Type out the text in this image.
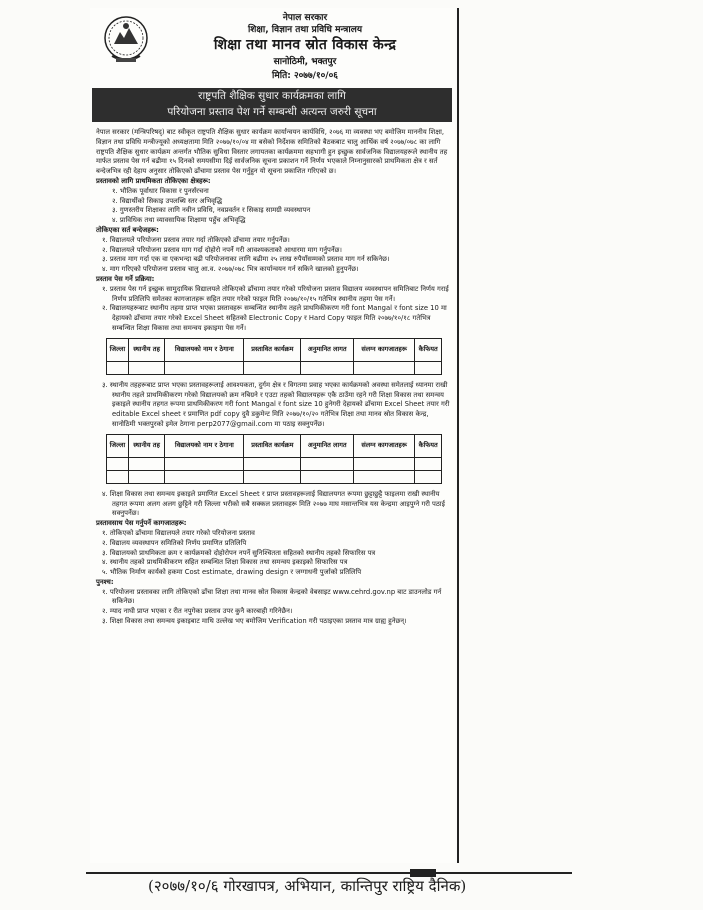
नेपाल सरकार
शिक्षा, विज्ञान तथा प्रविधि मन्त्रालय
शिक्षा तथा मानव स्रोत विकास केन्द्र
सानोठिमी, भक्तपुर
मिति: २०७७/१०/०६
राष्ट्रपति शैक्षिक सुधार कार्यक्रमका लागि
परियोजना प्रस्ताव पेश गर्ने सम्बन्धी अत्यन्त जरुरी सूचना

नेपाल सरकार (मन्त्रिपरिषद्) बाट स्वीकृत राष्ट्रपति शैक्षिक सुधार कार्यक्रम कार्यान्वयन कार्यविधि, २०७६ मा व्यवस्था भए बमोजिम माननीय शिक्षा, विज्ञान तथा प्रविधि मन्त्रीज्यूको अध्यक्षतामा मिति २०७७/१०/०४ मा बसेको निर्देशक समितिको बैठकबाट चालु आर्थिक वर्ष २०७७/०७८ का लागि राष्ट्रपति शैक्षिक सुधार कार्यक्रम अन्तर्गत भौतिक सुविधा विस्तार लगायतका कार्यक्रममा सहभागी हुन इच्छुक सार्वजनिक विद्यालयहरूले स्थानीय तह मार्फत प्रस्ताव पेस गर्न बढीमा १५ दिनको समयसीमा दिई सार्वजनिक सूचना प्रकाशन गर्ने निर्णय भएकाले निम्नानुसारको प्राथमिकता क्षेत्र र सर्त बन्देजभित्र रही देहाय अनुसार तोकिएको ढाँचामा प्रस्ताव पेस गर्नुहुन यो सूचना प्रकाशित गरिएको छ।

प्रस्तावको लागि प्राथमिकता तोकिएका क्षेत्रहरू:

१. भौतिक पूर्वाधार विकास र पुनर्संरचना

२. विद्यार्थीको सिकाइ उपलब्धि स्तर अभिवृद्धि

३. गुणस्तरीय शिक्षाका लागि नवीन प्रविधि, नवप्रवर्तन र सिकाइ सामग्री व्यवस्थापन

४. प्राविधिक तथा व्यावसायिक शिक्षामा पहुँच अभिवृद्धि

तोकिएका सर्त बन्देजहरू:

१. विद्यालयले परियोजना प्रस्ताव तयार गर्दा तोकिएको ढाँचामा तयार गर्नुपर्नेछ।

२. विद्यालयले परियोजना प्रस्ताव माग गर्दा दोहोरो नपर्ने गरी आवश्यकताको आधारमा माग गर्नुपर्नेछ।

३. प्रस्ताव माग गर्दा एक वा एकभन्दा बढी परियोजनाका लागि बढीमा २५ लाख रुपैयाँसम्मको प्रस्ताव माग गर्न सकिनेछ।

४. माग गरिएको परियोजना प्रस्ताव चालु आ.व. २०७७/०७८ भित्र कार्यान्वयन गर्न सकिने खालको हुनुपर्नेछ।

प्रस्ताव पेस गर्ने प्रक्रिया:

१. प्रस्ताव पेस गर्न इच्छुक सामुदायिक विद्यालयले तोकिएको ढाँचामा तयार गरेको परियोजना प्रस्ताव विद्यालय व्यवस्थापन समितिबाट निर्णय गराई निर्णय प्रतिलिपि समेतका कागजातहरू सहित तयार गरेको फाइल मिति २०७७/१०/१५ गतेभित्र स्थानीय तहमा पेस गर्ने।

२. विद्यालयहरूबाट स्थानीय तहमा प्राप्त भएका प्रस्तावहरू सम्बन्धित स्थानीय तहले प्राथमिकीकरण गरी font Mangal र font size 10 मा देहायको ढाँचामा तयार गरेको Excel Sheet सहितको Electronic Copy र Hard Copy फाइल मिति २०७७/१०/१८ गतेभित्र सम्बन्धित शिक्षा विकास तथा समन्वय इकाइमा पेस गर्ने।

जिल्ला	स्थानीय तह	विद्यालयको नाम र ठेगाना	प्रस्तावित कार्यक्रम	अनुमानित लागत	संलग्न कागजातहरू	कैफियत

३. स्थानीय तहहरूबाट प्राप्त भएका प्रस्तावहरूलाई आवश्यकता, दुर्गम क्षेत्र र विगतमा प्रवाह भएका कार्यक्रमको अवस्था समेतलाई ध्यानमा राखी स्थानीय तहले प्राथमिकीकरण गरेको विद्यालयको क्रम नबिग्रने र एउटा तहको विद्यालयहरू एकै ठाउँमा रहने गरी शिक्षा विकास तथा समन्वय इकाइले स्थानीय तहगत रूपमा प्राथमिकीकरण गरी font Mangal र font size 10 हुनेगरी देहायको ढाँचामा Excel Sheet तयार गरी editable Excel sheet र प्रमाणित pdf copy दुवै डकुमेन्ट मिति २०७७/१०/२० गतेभित्र शिक्षा तथा मानव स्रोत विकास केन्द्र, सानोठिमी भक्तपुरको इमेल ठेगाना perp2077@gmail.com मा पठाइ सक्नुपर्नेछ।

जिल्ला	स्थानीय तह	विद्यालयको नाम र ठेगाना	प्रस्तावित कार्यक्रम	अनुमानित लागत	संलग्न कागजातहरू	कैफियत

४. शिक्षा विकास तथा समन्वय इकाइले प्रमाणित Excel Sheet र प्राप्त प्रस्तावहरूलाई विद्यालयगत रूपमा छुट्टाछुट्टै फाइलमा राखी स्थानीय तहगत रूपमा अलग अलग छुट्टिने गरी जिल्ला भरीको सबै सक्कल प्रस्तावहरू मिति २०७७ माघ मसान्तभित्र यस केन्द्रमा आइपुग्ने गरी पठाई सक्नुपर्नेछ।

प्रस्तावसाथ पेस गर्नुपर्ने कागजातहरू:

१. तोकिएको ढाँचामा विद्यालयले तयार गरेको परियोजना प्रस्ताव

२. विद्यालय व्यवस्थापन समितिको निर्णय प्रमाणित प्रतिलिपि

३. विद्यालयको प्राथमिकता क्रम र कार्यक्रमको दोहोरोपन नपर्ने सुनिश्चितता सहितको स्थानीय तहको सिफारिस पत्र

४. स्थानीय तहको प्राथमिकीकरण सहित सम्बन्धित शिक्षा विकास तथा समन्वय इकाइको सिफारिस पत्र

५. भौतिक निर्माण कार्यको हकमा Cost estimate, drawing design र जग्गाधनी पुर्जाको प्रतिलिपि

पुनश्च:

१. परियोजना प्रस्तावका लागि तोकिएको ढाँचा शिक्षा तथा मानव स्रोत विकास केन्द्रको वेबसाइट www.cehrd.gov.np बाट डाउनलोड गर्न सकिनेछ।

२. म्याद नाघी प्राप्त भएका र रीत नपुगेका प्रस्ताव उपर कुनै कारबाही गरिनेछैन।

३. शिक्षा विकास तथा समन्वय इकाइबाट माथि उल्लेख भए बमोजिम Verification गरी पठाइएका प्रस्ताव मात्र ग्राह्य हुनेछन्।

(२०७७/१०/६ गोरखापत्र, अभियान, कान्तिपुर राष्ट्रिय दैनिक)
